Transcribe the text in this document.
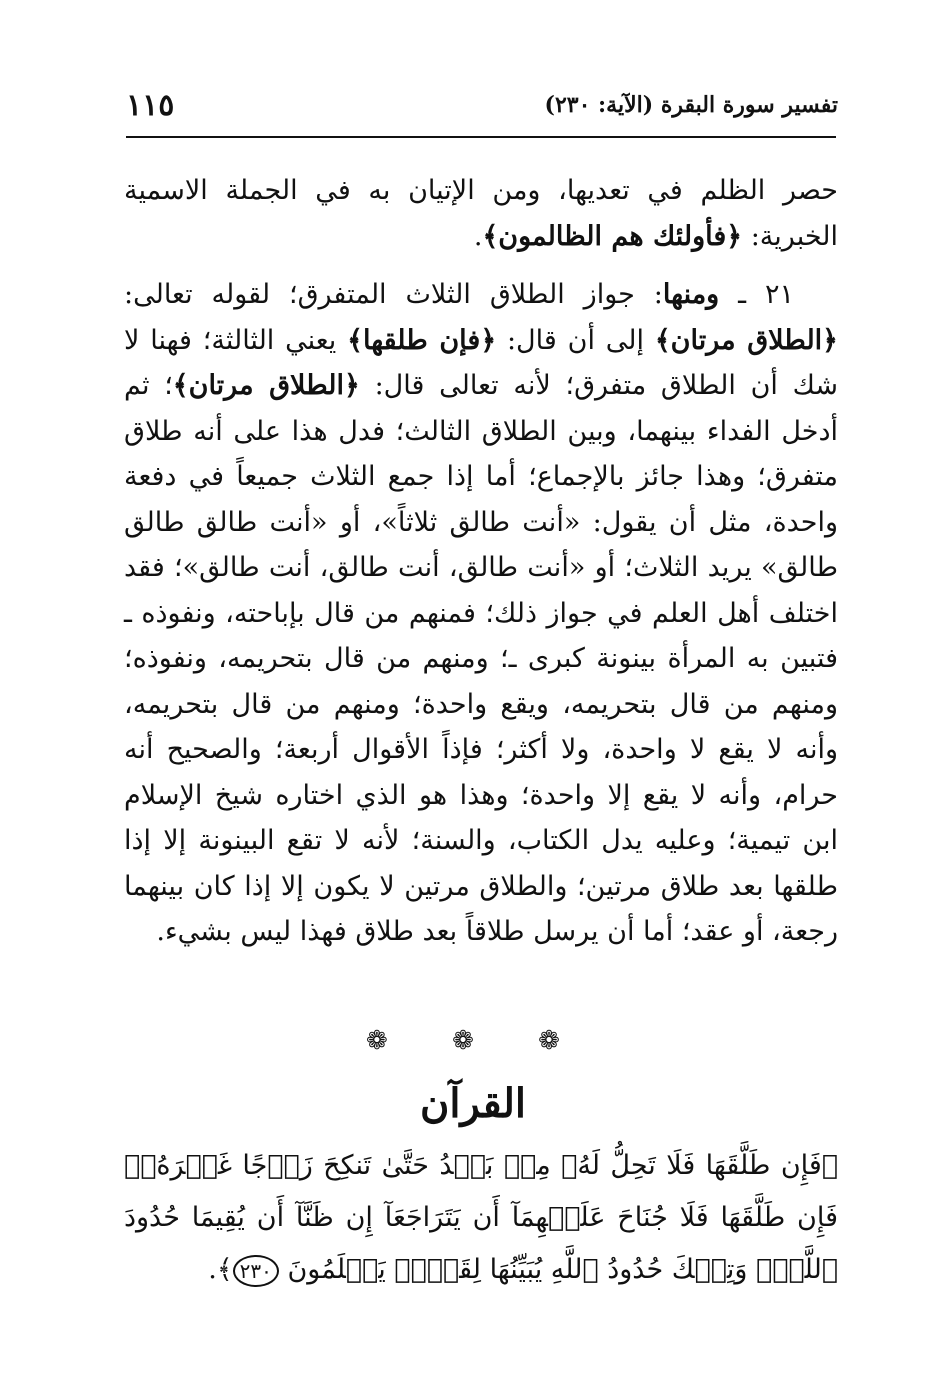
تفسير سورة البقرة (الآية: ٢٣٠)
١١٥

حصر الظلم في تعديها، ومن الإتيان به في الجملة الاسمية الخبرية: ﴿فأولئك هم الظالمون﴾.

٢١ ـ ومنها: جواز الطلاق الثلاث المتفرق؛ لقوله تعالى: ﴿الطلاق مرتان﴾ إلى أن قال: ﴿فإن طلقها﴾ يعني الثالثة؛ فهنا لا شك أن الطلاق متفرق؛ لأنه تعالى قال: ﴿الطلاق مرتان﴾؛ ثم أدخل الفداء بينهما، وبين الطلاق الثالث؛ فدل هذا على أنه طلاق متفرق؛ وهذا جائز بالإجماع؛ أما إذا جمع الثلاث جميعاً في دفعة واحدة، مثل أن يقول: «أنت طالق ثلاثاً»، أو «أنت طالق طالق طالق» يريد الثلاث؛ أو «أنت طالق، أنت طالق، أنت طالق»؛ فقد اختلف أهل العلم في جواز ذلك؛ فمنهم من قال بإباحته، ونفوذه ـ فتبين به المرأة بينونة كبرى ـ؛ ومنهم من قال بتحريمه، ونفوذه؛ ومنهم من قال بتحريمه، ويقع واحدة؛ ومنهم من قال بتحريمه، وأنه لا يقع لا واحدة، ولا أكثر؛ فإذاً الأقوال أربعة؛ والصحيح أنه حرام، وأنه لا يقع إلا واحدة؛ وهذا هو الذي اختاره شيخ الإسلام ابن تيمية؛ وعليه يدل الكتاب، والسنة؛ لأنه لا تقع البينونة إلا إذا طلقها بعد طلاق مرتين؛ والطلاق مرتين لا يكون إلا إذا كان بينهما رجعة، أو عقد؛ أما أن يرسل طلاقاً بعد طلاق فهذا ليس بشيء.

❁ ❁ ❁
القرآن

﴿فَإِن طَلَّقَهَا فَلَا تَحِلُّ لَهُۥ مِنۢ بَعۡدُ حَتَّىٰ تَنكِحَ زَوۡجًا غَيۡرَهُۥۗ فَإِن طَلَّقَهَا فَلَا جُنَاحَ عَلَيۡهِمَآ أَن يَتَرَاجَعَآ إِن ظَنَّآ أَن يُقِيمَا حُدُودَ ٱللَّهِۗ وَتِلۡكَ حُدُودُ ٱللَّهِ يُبَيِّنُهَا لِقَوۡمٖ يَعۡلَمُونَ ٢٣٠﴾.
